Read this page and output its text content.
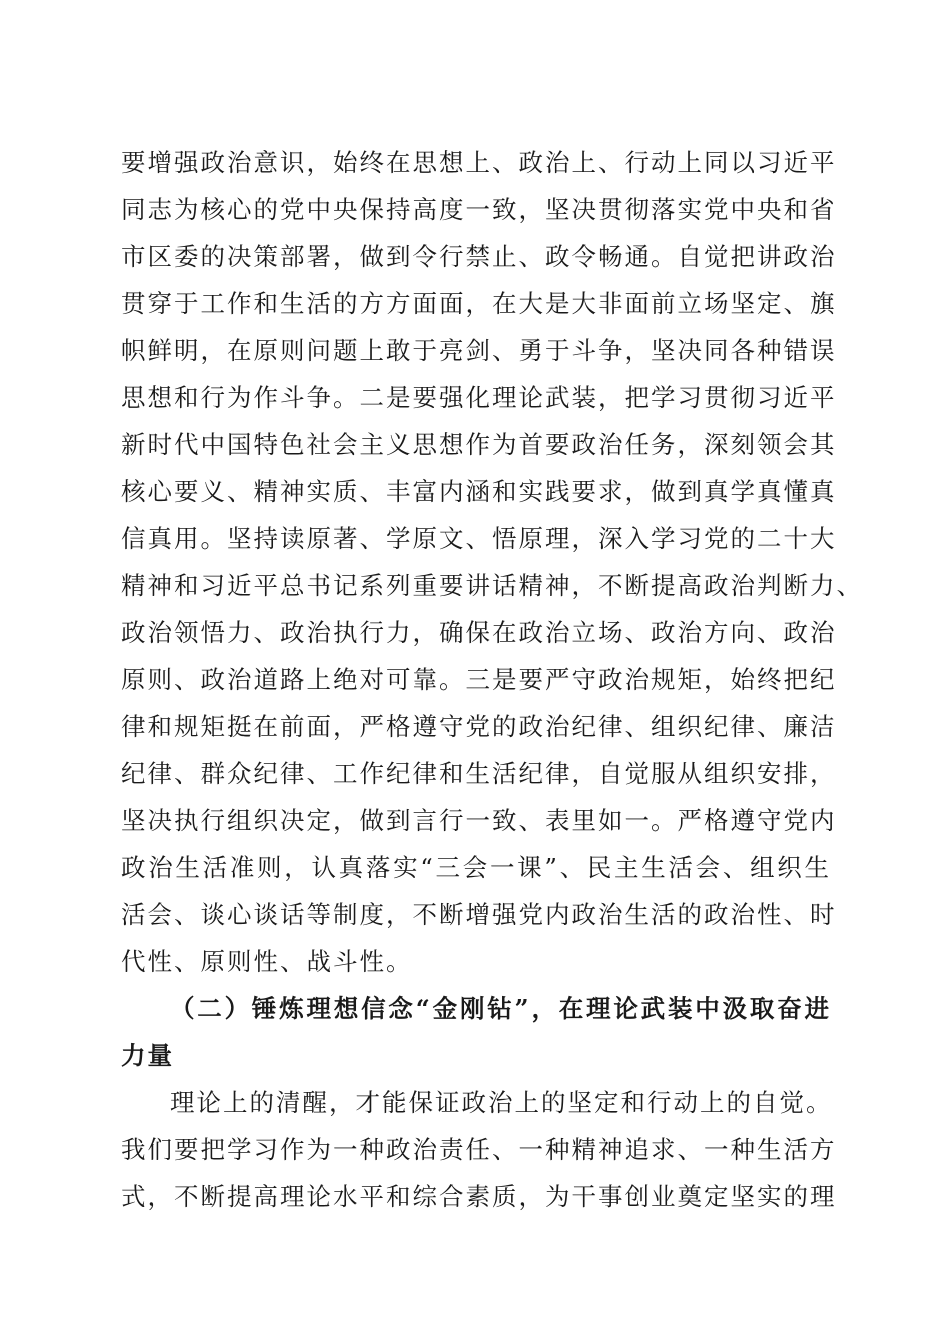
要增强政治意识，始终在思想上、政治上、行动上同以习近平
同志为核心的党中央保持高度一致，坚决贯彻落实党中央和省
市区委的决策部署，做到令行禁止、政令畅通。自觉把讲政治
贯穿于工作和生活的方方面面，在大是大非面前立场坚定、旗
帜鲜明，在原则问题上敢于亮剑、勇于斗争，坚决同各种错误
思想和行为作斗争。二是要强化理论武装，把学习贯彻习近平
新时代中国特色社会主义思想作为首要政治任务，深刻领会其
核心要义、精神实质、丰富内涵和实践要求，做到真学真懂真
信真用。坚持读原著、学原文、悟原理，深入学习党的二十大
精神和习近平总书记系列重要讲话精神，不断提高政治判断力、
政治领悟力、政治执行力，确保在政治立场、政治方向、政治
原则、政治道路上绝对可靠。三是要严守政治规矩，始终把纪
律和规矩挺在前面，严格遵守党的政治纪律、组织纪律、廉洁
纪律、群众纪律、工作纪律和生活纪律，自觉服从组织安排，
坚决执行组织决定，做到言行一致、表里如一。严格遵守党内
政治生活准则，认真落实“三会一课”、民主生活会、组织生
活会、谈心谈话等制度，不断增强党内政治生活的政治性、时
代性、原则性、战斗性。
（二）锤炼理想信念“金刚钻”，在理论武装中汲取奋进
力量
理论上的清醒，才能保证政治上的坚定和行动上的自觉。
我们要把学习作为一种政治责任、一种精神追求、一种生活方
式，不断提高理论水平和综合素质，为干事创业奠定坚实的理
